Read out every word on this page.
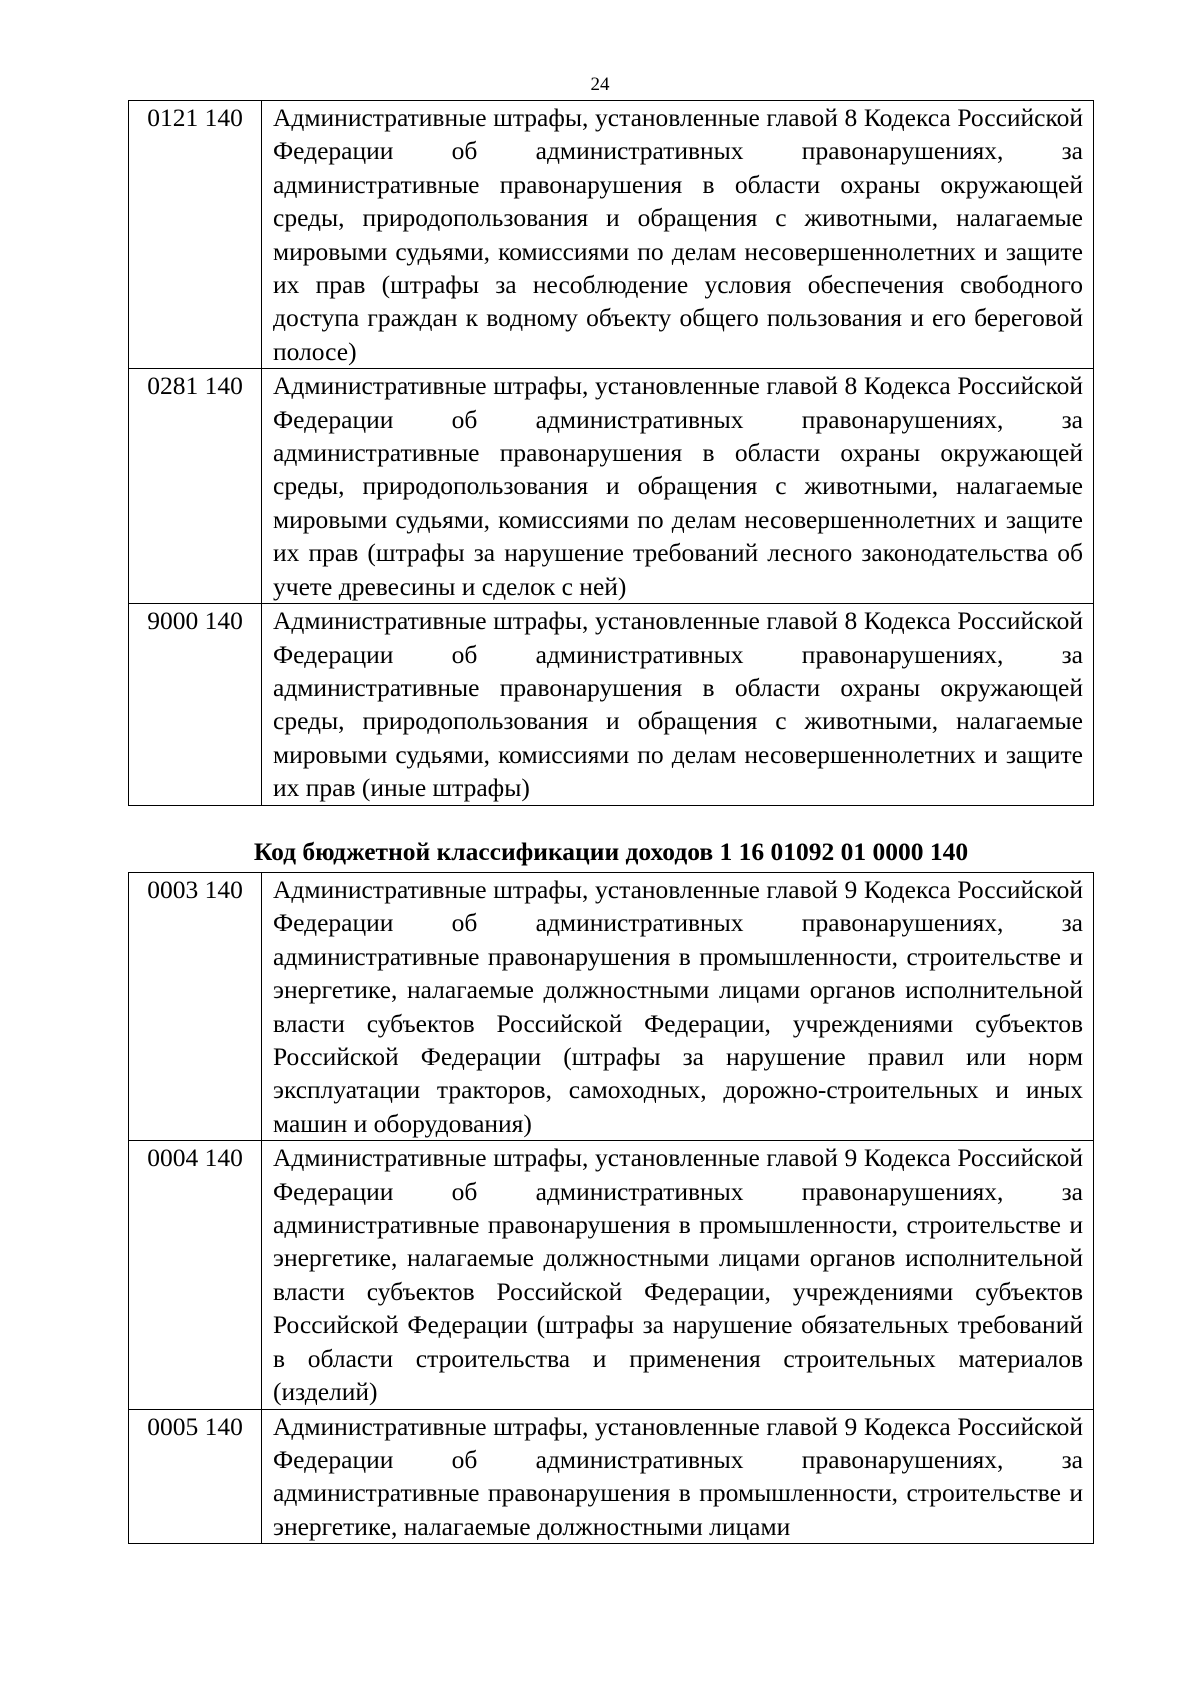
24
0121 140	Административные штрафы, установленные главой 8 Кодекса Российской Федерации об административных правонарушениях, за административные правонарушения в области охраны окружающей среды, природопользования и обращения с животными, налагаемые мировыми судьями, комиссиями по делам несовершеннолетних и защите их прав (штрафы за несоблюдение условия обеспечения свободного доступа граждан к водному объекту общего пользования и его береговой полосе)
0281 140	Административные штрафы, установленные главой 8 Кодекса Российской Федерации об административных правонарушениях, за административные правонарушения в области охраны окружающей среды, природопользования и обращения с животными, налагаемые мировыми судьями, комиссиями по делам несовершеннолетних и защите их прав (штрафы за нарушение требований лесного законодательства об учете древесины и сделок с ней)
9000 140	Административные штрафы, установленные главой 8 Кодекса Российской Федерации об административных правонарушениях, за административные правонарушения в области охраны окружающей среды, природопользования и обращения с животными, налагаемые мировыми судьями, комиссиями по делам несовершеннолетних и защите их прав (иные штрафы)
Код бюджетной классификации доходов 1 16 01092 01 0000 140
0003 140	Административные штрафы, установленные главой 9 Кодекса Российской Федерации об административных правонарушениях, за административные правонарушения в промышленности, строительстве и энергетике, налагаемые должностными лицами органов исполнительной власти субъектов Российской Федерации, учреждениями субъектов Российской Федерации (штрафы за нарушение правил или норм эксплуатации тракторов, самоходных, дорожно-строительных и иных машин и оборудования)
0004 140	Административные штрафы, установленные главой 9 Кодекса Российской Федерации об административных правонарушениях, за административные правонарушения в промышленности, строительстве и энергетике, налагаемые должностными лицами органов исполнительной власти субъектов Российской Федерации, учреждениями субъектов Российской Федерации (штрафы за нарушение обязательных требований в области строительства и применения строительных материалов (изделий)
0005 140	Административные штрафы, установленные главой 9 Кодекса Российской Федерации об административных правонарушениях, за административные правонарушения в промышленности, строительстве и энергетике, налагаемые должностными лицами
